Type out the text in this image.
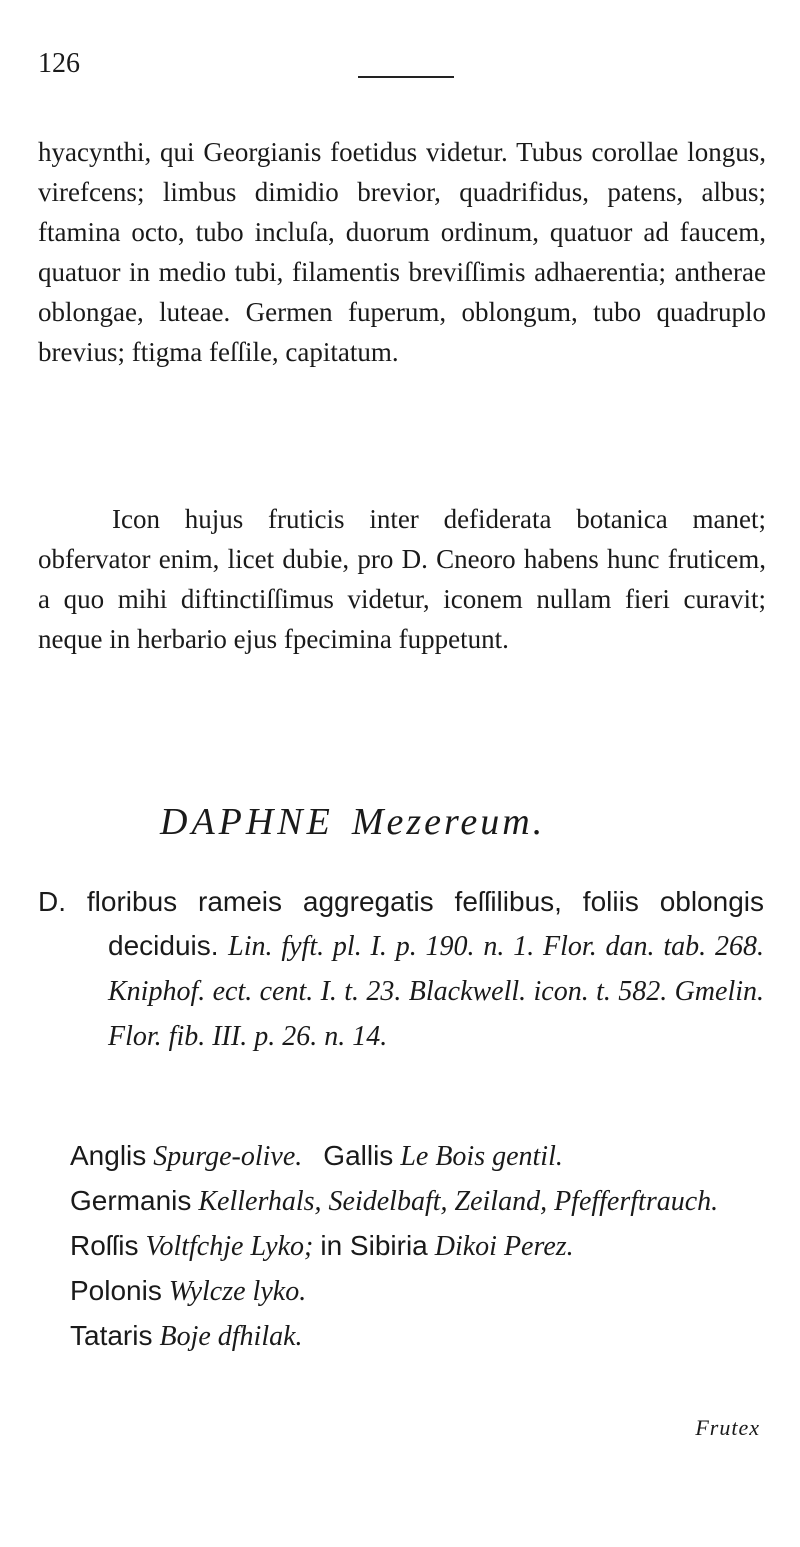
126

hyacynthi, qui Georgianis foetidus videtur. Tubus corollae longus, virefcens; limbus dimidio brevior, quadrifidus, patens, albus; ftamina octo, tubo incluſa, duorum ordinum, quatuor ad faucem, quatuor in medio tubi, filamentis breviſſimis adhaerentia; antherae oblongae, luteae. Germen fuperum, oblongum, tubo quadruplo brevius; ftigma feſſile, capitatum.

Icon hujus fruticis inter defiderata botanica manet; obfervator enim, licet dubie, pro D. Cneoro habens hunc fruticem, a quo mihi diftinctiſſimus videtur, iconem nullam fieri curavit; neque in herbario ejus fpecimina fuppetunt.

DAPHNE Mezereum.

D. floribus rameis aggregatis feſſilibus, foliis oblongis deciduis. Lin. fyft. pl. I. p. 190. n. 1. Flor. dan. tab. 268. Kniphof. ect. cent. I. t. 23. Blackwell. icon. t. 582. Gmelin. Flor. fib. III. p. 26. n. 14.

Anglis Spurge-olive. Gallis Le Bois gentil.
Germanis Kellerhals, Seidelbaft, Zeiland, Pfefferftrauch.
Roſſis Voltfchje Lyko; in Sibiria Dikoi Perez.
Polonis Wylcze lyko.
Tataris Boje dfhilak.
Frutex
